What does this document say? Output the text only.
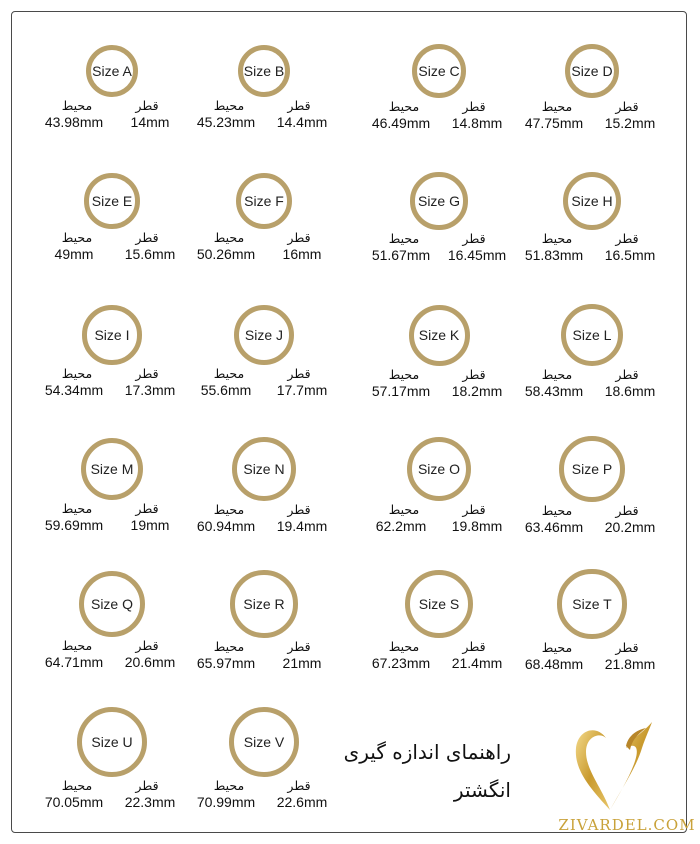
Size A
محیط	قطر
43.98mm	14mm
Size B
محیط	قطر
45.23mm	14.4mm
Size C
محیط	قطر
46.49mm	14.8mm
Size D
محیط	قطر
47.75mm	15.2mm
Size E
محیط	قطر
49mm	15.6mm
Size F
محیط	قطر
50.26mm	16mm
Size G
محیط	قطر
51.67mm	16.45mm
Size H
محیط	قطر
51.83mm	16.5mm
Size I
محیط	قطر
54.34mm	17.3mm
Size J
محیط	قطر
55.6mm	17.7mm
Size K
محیط	قطر
57.17mm	18.2mm
Size L
محیط	قطر
58.43mm	18.6mm
Size M
محیط	قطر
59.69mm	19mm
Size N
محیط	قطر
60.94mm	19.4mm
Size O
محیط	قطر
62.2mm	19.8mm
Size P
محیط	قطر
63.46mm	20.2mm
Size Q
محیط	قطر
64.71mm	20.6mm
Size R
محیط	قطر
65.97mm	21mm
Size S
محیط	قطر
67.23mm	21.4mm
Size T
محیط	قطر
68.48mm	21.8mm
Size U
محیط	قطر
70.05mm	22.3mm
Size V
محیط	قطر
70.99mm	22.6mm
راهنمای اندازه گیری
انگشتر
ZIVARDEL.COM
